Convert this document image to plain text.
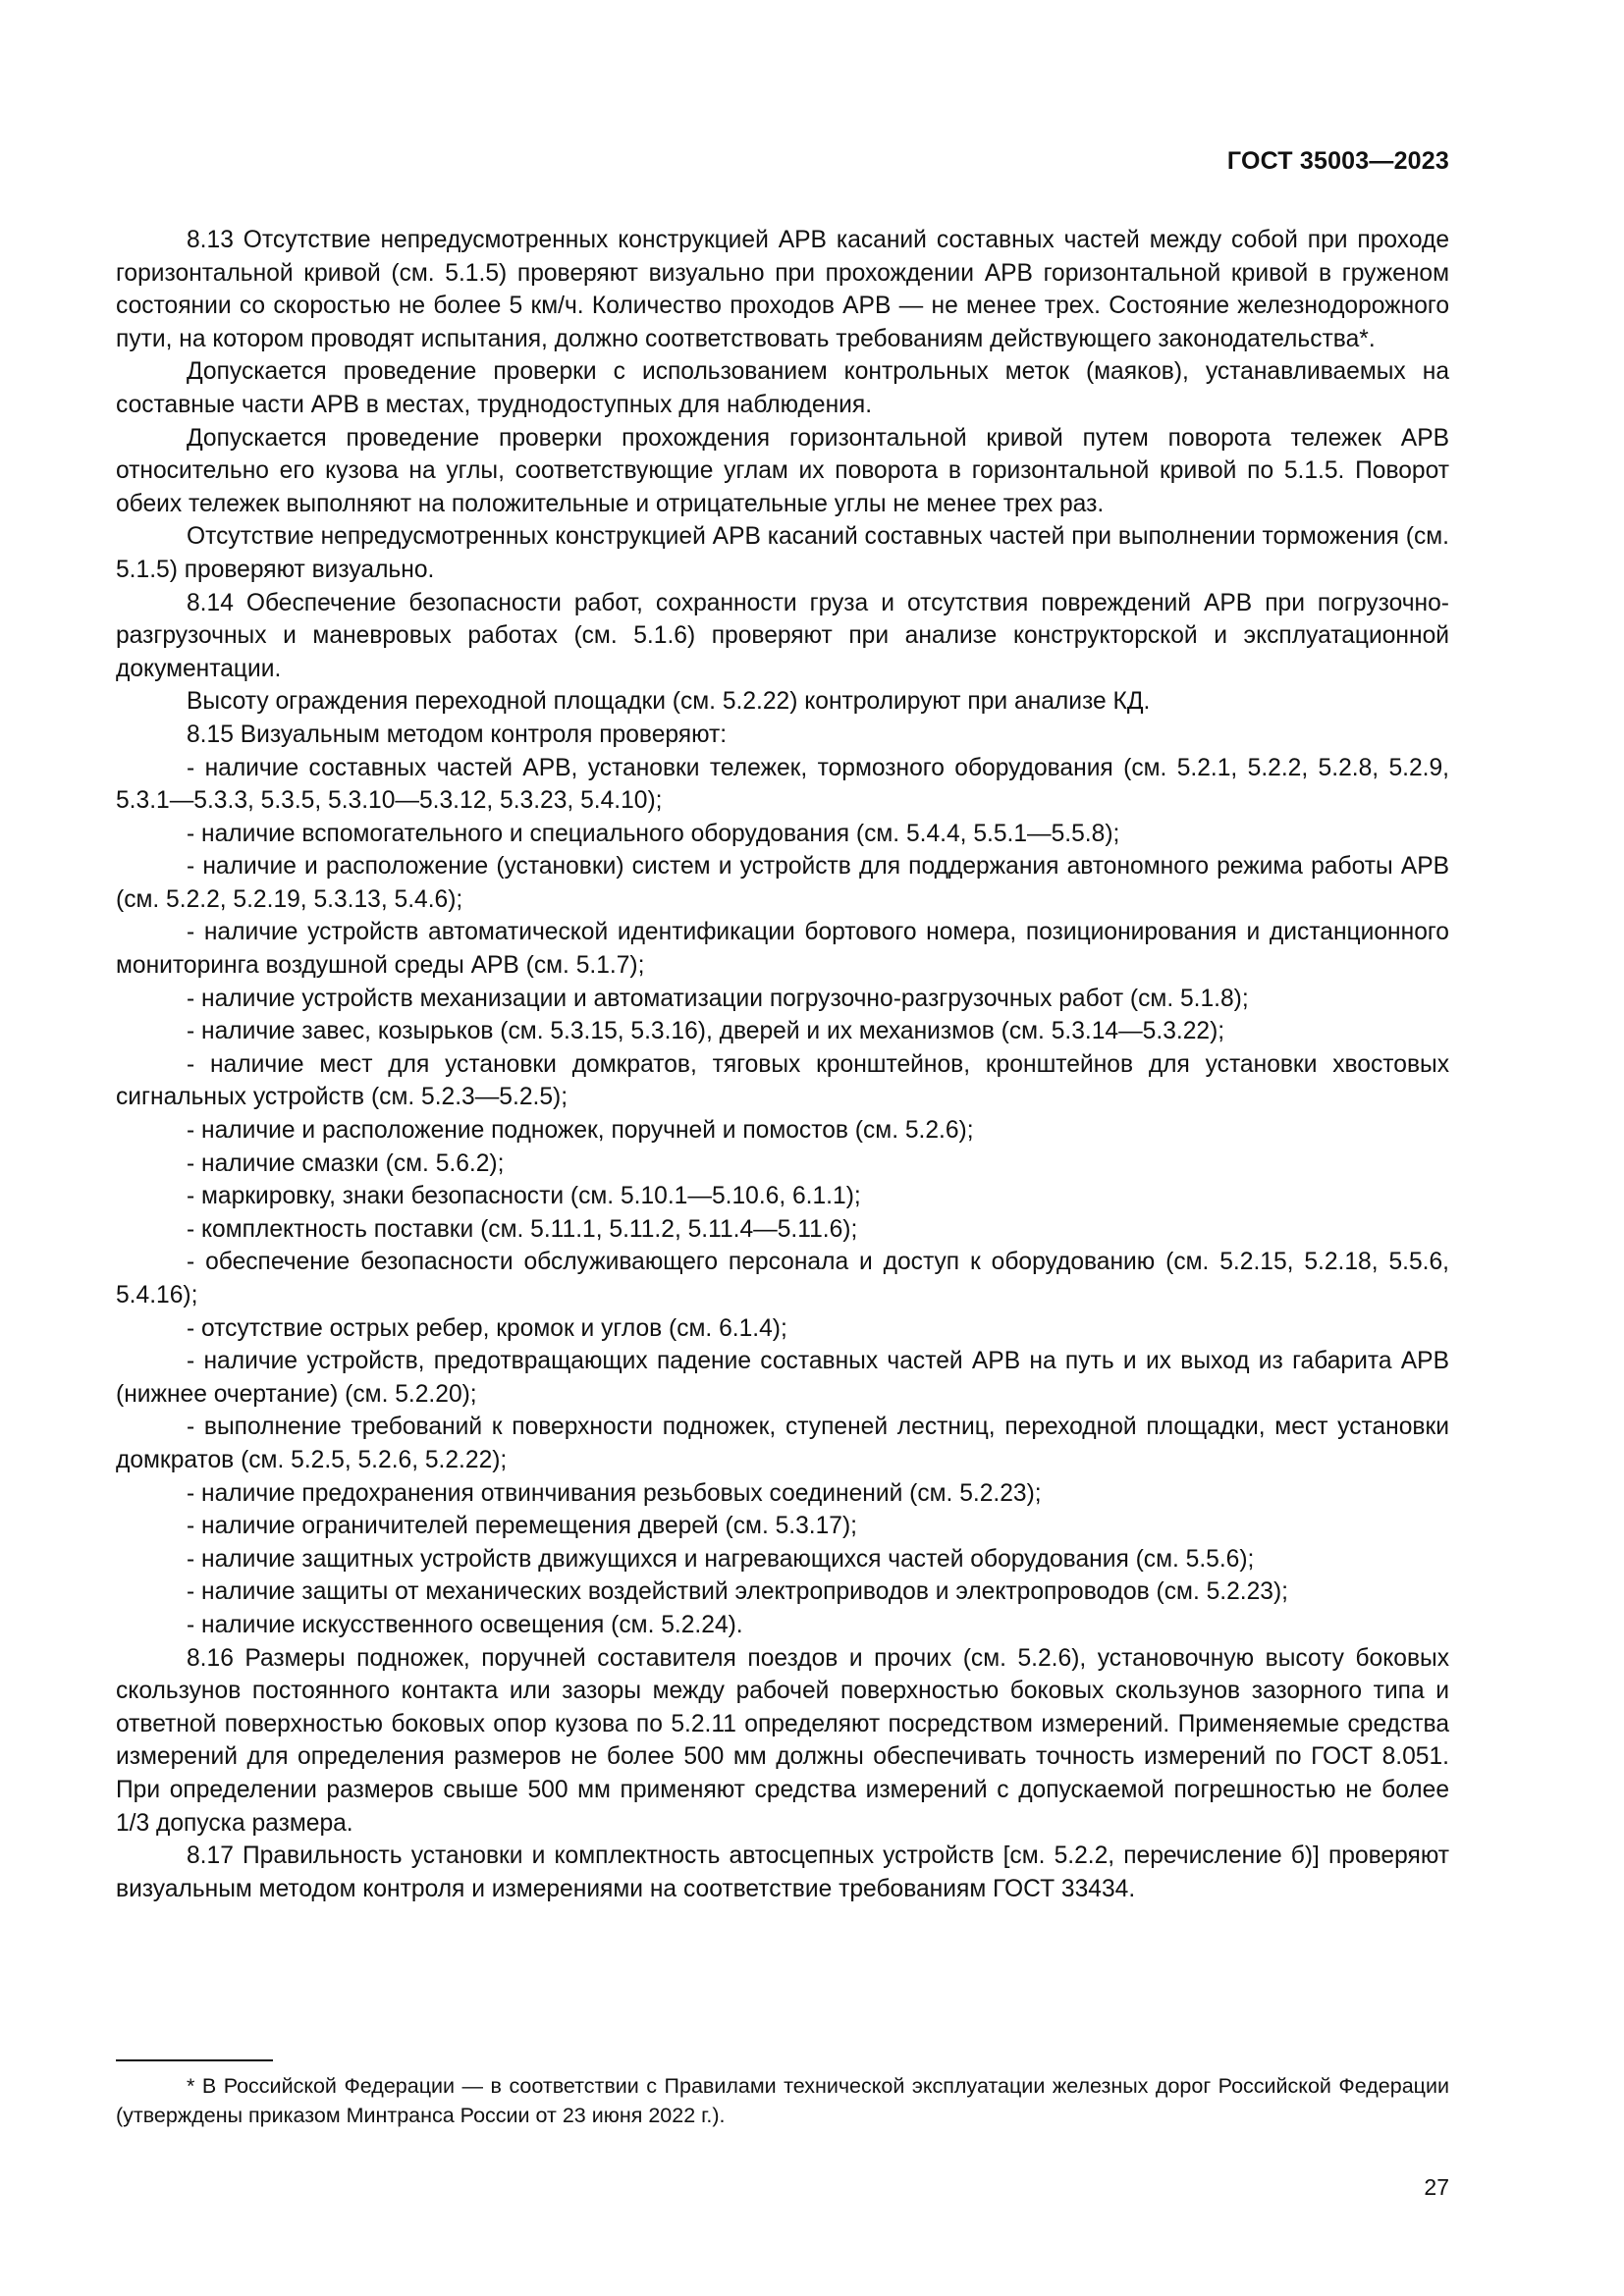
ГОСТ 35003—2023

8.13 Отсутствие непредусмотренных конструкцией АРВ касаний составных частей между собой при проходе горизонтальной кривой (см. 5.1.5) проверяют визуально при прохождении АРВ горизонтальной кривой в груженом состоянии со скоростью не более 5 км/ч. Количество проходов АРВ — не менее трех. Состояние железнодорожного пути, на котором проводят испытания, должно соответствовать требованиям действующего законодательства*.

Допускается проведение проверки с использованием контрольных меток (маяков), устанавливаемых на составные части АРВ в местах, труднодоступных для наблюдения.

Допускается проведение проверки прохождения горизонтальной кривой путем поворота тележек АРВ относительно его кузова на углы, соответствующие углам их поворота в горизонтальной кривой по 5.1.5. Поворот обеих тележек выполняют на положительные и отрицательные углы не менее трех раз.

Отсутствие непредусмотренных конструкцией АРВ касаний составных частей при выполнении торможения (см. 5.1.5) проверяют визуально.

8.14 Обеспечение безопасности работ, сохранности груза и отсутствия повреждений АРВ при погрузочно-разгрузочных и маневровых работах (см. 5.1.6) проверяют при анализе конструкторской и эксплуатационной документации.

Высоту ограждения переходной площадки (см. 5.2.22) контролируют при анализе КД.

8.15 Визуальным методом контроля проверяют:

- наличие составных частей АРВ, установки тележек, тормозного оборудования (см. 5.2.1, 5.2.2, 5.2.8, 5.2.9, 5.3.1—5.3.3, 5.3.5, 5.3.10—5.3.12, 5.3.23, 5.4.10);

- наличие вспомогательного и специального оборудования (см. 5.4.4, 5.5.1—5.5.8);

- наличие и расположение (установки) систем и устройств для поддержания автономного режима работы АРВ (см. 5.2.2, 5.2.19, 5.3.13, 5.4.6);

- наличие устройств автоматической идентификации бортового номера, позиционирования и дистанционного мониторинга воздушной среды АРВ (см. 5.1.7);

- наличие устройств механизации и автоматизации погрузочно-разгрузочных работ (см. 5.1.8);

- наличие завес, козырьков (см. 5.3.15, 5.3.16), дверей и их механизмов (см. 5.3.14—5.3.22);

- наличие мест для установки домкратов, тяговых кронштейнов, кронштейнов для установки хвостовых сигнальных устройств (см. 5.2.3—5.2.5);

- наличие и расположение подножек, поручней и помостов (см. 5.2.6);

- наличие смазки (см. 5.6.2);

- маркировку, знаки безопасности (см. 5.10.1—5.10.6, 6.1.1);

- комплектность поставки (см. 5.11.1, 5.11.2, 5.11.4—5.11.6);

- обеспечение безопасности обслуживающего персонала и доступ к оборудованию (см. 5.2.15, 5.2.18, 5.5.6, 5.4.16);

- отсутствие острых ребер, кромок и углов (см. 6.1.4);

- наличие устройств, предотвращающих падение составных частей АРВ на путь и их выход из габарита АРВ (нижнее очертание) (см. 5.2.20);

- выполнение требований к поверхности подножек, ступеней лестниц, переходной площадки, мест установки домкратов (см. 5.2.5, 5.2.6, 5.2.22);

- наличие предохранения отвинчивания резьбовых соединений (см. 5.2.23);

- наличие ограничителей перемещения дверей (см. 5.3.17);

- наличие защитных устройств движущихся и нагревающихся частей оборудования (см. 5.5.6);

- наличие защиты от механических воздействий электроприводов и электропроводов (см. 5.2.23);

- наличие искусственного освещения (см. 5.2.24).

8.16 Размеры подножек, поручней составителя поездов и прочих (см. 5.2.6), установочную высоту боковых скользунов постоянного контакта или зазоры между рабочей поверхностью боковых скользунов зазорного типа и ответной поверхностью боковых опор кузова по 5.2.11 определяют посредством измерений. Применяемые средства измерений для определения размеров не более 500 мм должны обеспечивать точность измерений по ГОСТ 8.051. При определении размеров свыше 500 мм применяют средства измерений с допускаемой погрешностью не более 1/3 допуска размера.

8.17 Правильность установки и комплектность автосцепных устройств [см. 5.2.2, перечисление б)] проверяют визуальным методом контроля и измерениями на соответствие требованиям ГОСТ 33434.

* В Российской Федерации — в соответствии с Правилами технической эксплуатации железных дорог Российской Федерации (утверждены приказом Минтранса России от 23 июня 2022 г.).

27
